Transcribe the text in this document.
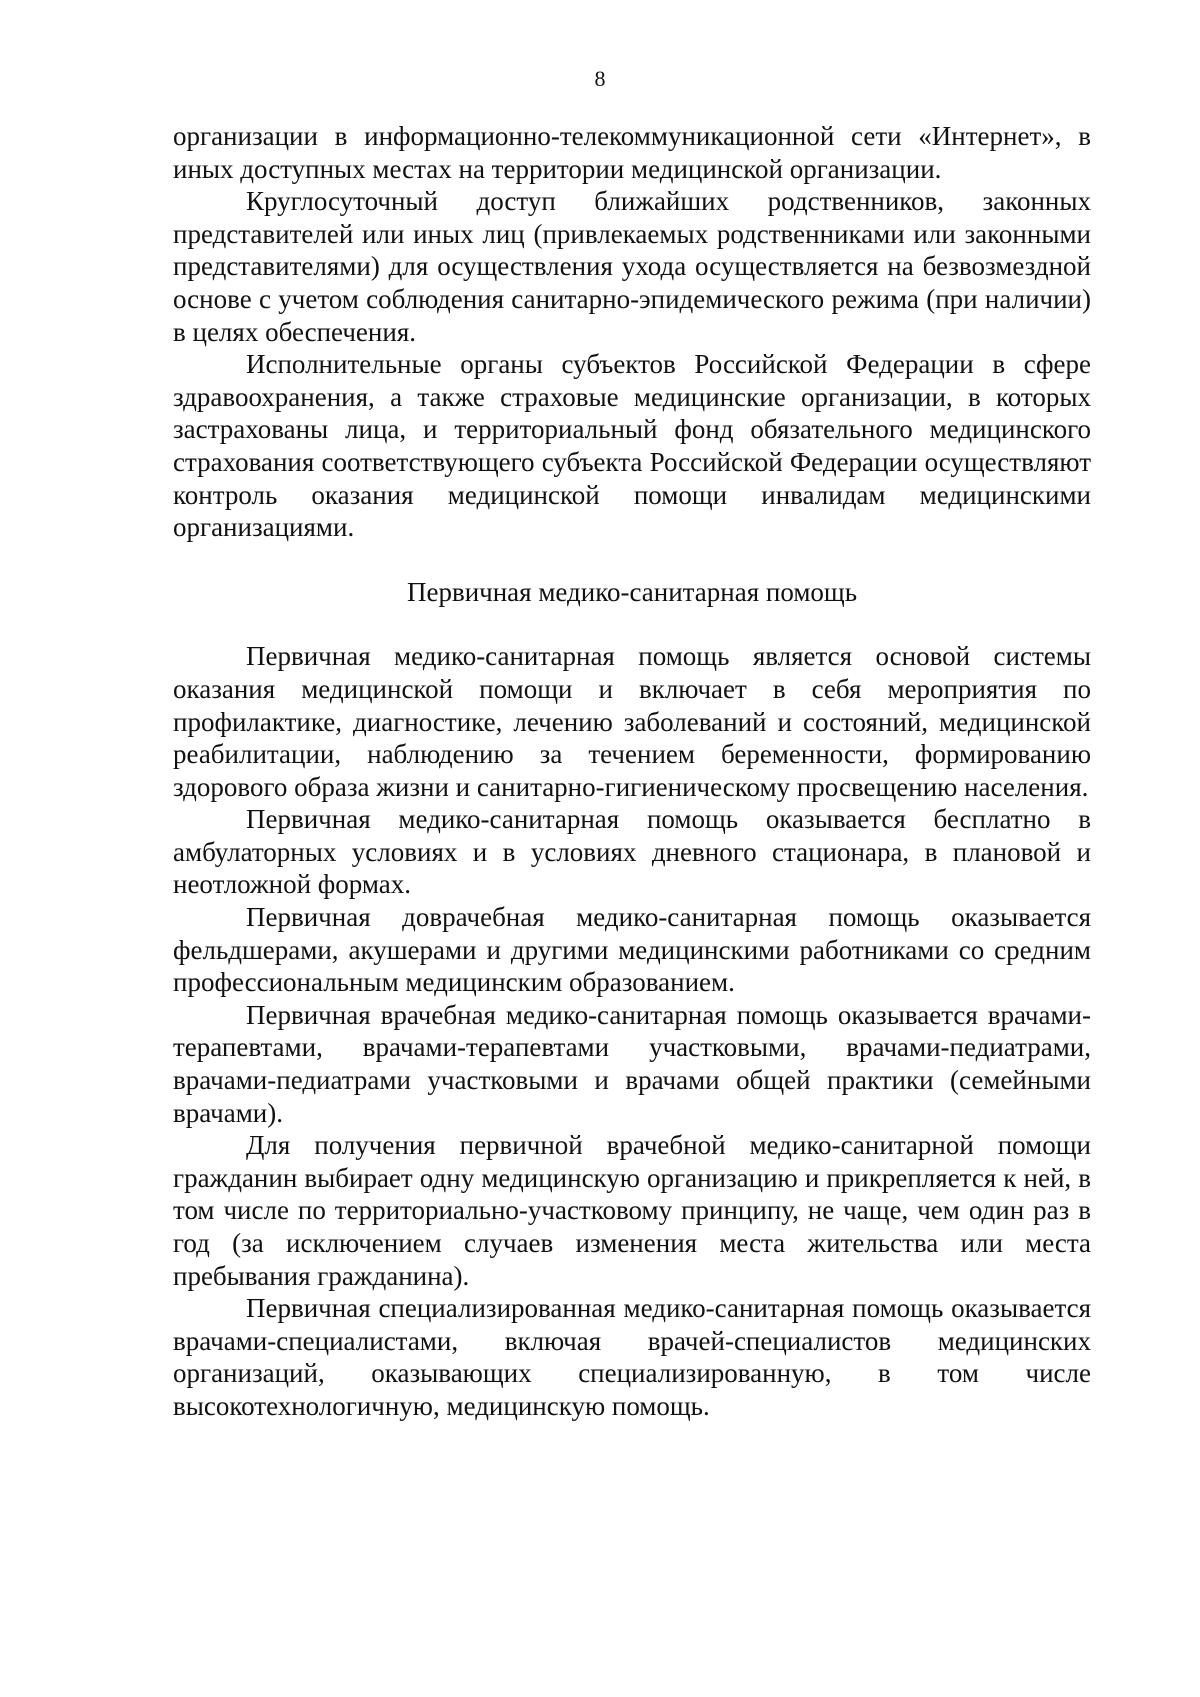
8

организации в информационно-телекоммуникационной сети «Интернет», в иных доступных местах на территории медицинской организации.

Круглосуточный доступ ближайших родственников, законных представителей или иных лиц (привлекаемых родственниками или законными представителями) для осуществления ухода осуществляется на безвозмездной основе с учетом соблюдения санитарно-эпидемического режима (при наличии) в целях обеспечения.

Исполнительные органы субъектов Российской Федерации в сфере здравоохранения, а также страховые медицинские организации, в которых застрахованы лица, и территориальный фонд обязательного медицинского страхования соответствующего субъекта Российской Федерации осуществляют контроль оказания медицинской помощи инвалидам медицинскими организациями.

Первичная медико-санитарная помощь

Первичная медико-санитарная помощь является основой системы оказания медицинской помощи и включает в себя мероприятия по профилактике, диагностике, лечению заболеваний и состояний, медицинской реабилитации, наблюдению за течением беременности, формированию здорового образа жизни и санитарно-гигиеническому просвещению населения.

Первичная медико-санитарная помощь оказывается бесплатно в амбулаторных условиях и в условиях дневного стационара, в плановой и неотложной формах.

Первичная доврачебная медико-санитарная помощь оказывается фельдшерами, акушерами и другими медицинскими работниками со средним профессиональным медицинским образованием.

Первичная врачебная медико-санитарная помощь оказывается врачами-терапевтами, врачами-терапевтами участковыми, врачами-педиатрами, врачами-педиатрами участковыми и врачами общей практики (семейными врачами).

Для получения первичной врачебной медико-санитарной помощи гражданин выбирает одну медицинскую организацию и прикрепляется к ней, в том числе по территориально-участковому принципу, не чаще, чем один раз в год (за исключением случаев изменения места жительства или места пребывания гражданина).

Первичная специализированная медико-санитарная помощь оказывается врачами-специалистами, включая врачей-специалистов медицинских организаций, оказывающих специализированную, в том числе высокотехнологичную, медицинскую помощь.
